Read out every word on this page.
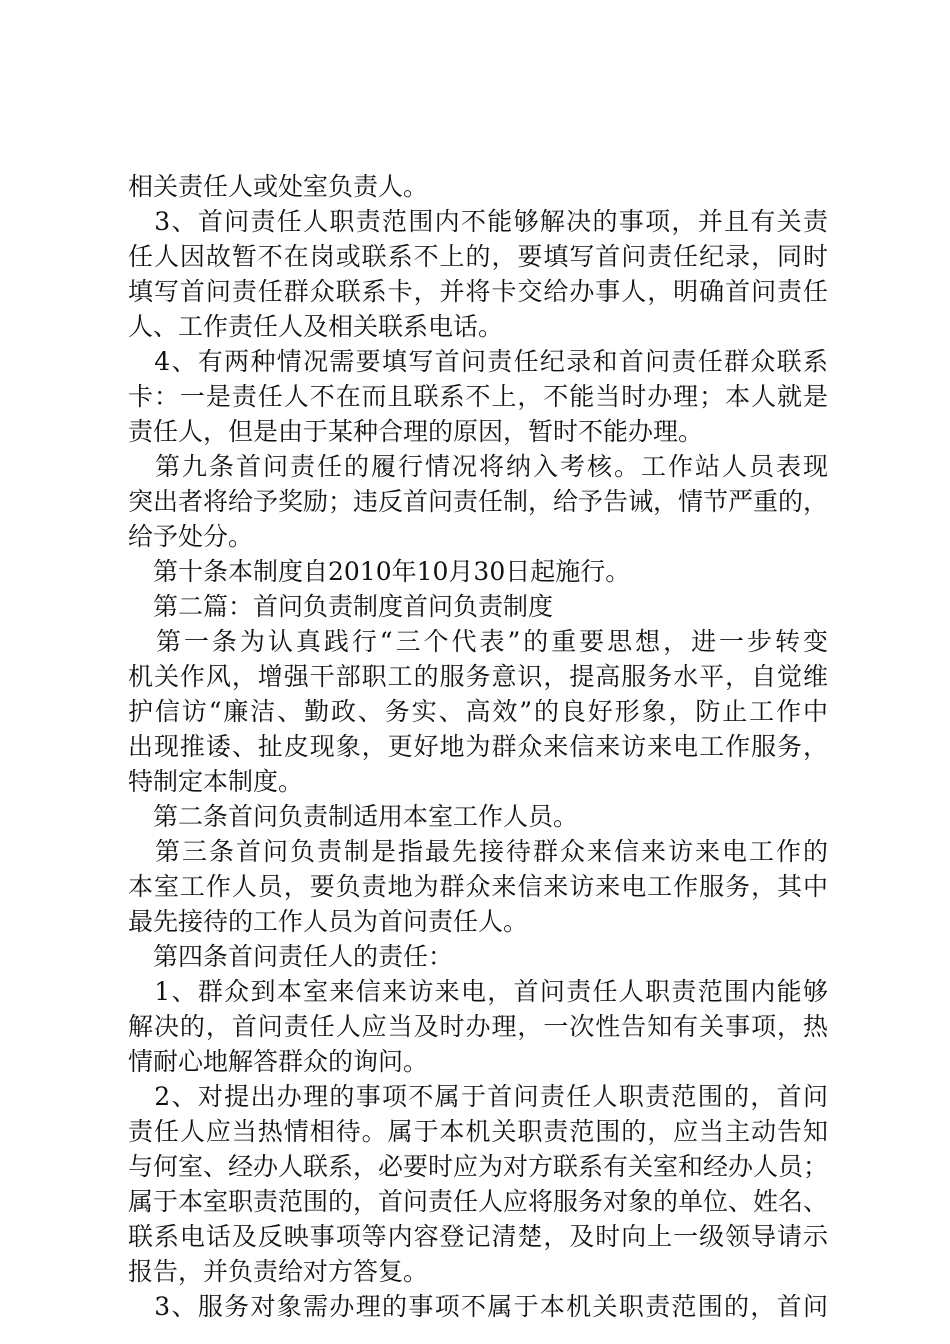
相关责任人或处室负责人。
　3、首问责任人职责范围内不能够解决的事项，并且有关责
任人因故暂不在岗或联系不上的，要填写首问责任纪录，同时
填写首问责任群众联系卡，并将卡交给办事人，明确首问责任
人、工作责任人及相关联系电话。
　4、有两种情况需要填写首问责任纪录和首问责任群众联系
卡：一是责任人不在而且联系不上，不能当时办理；本人就是
责任人，但是由于某种合理的原因，暂时不能办理。
　第九条首问责任的履行情况将纳入考核。工作站人员表现
突出者将给予奖励；违反首问责任制，给予告诫，情节严重的，
给予处分。
　第十条本制度自2010年10月30日起施行。
　第二篇：首问负责制度首问负责制度
　第一条为认真践行“三个代表”的重要思想，进一步转变
机关作风，增强干部职工的服务意识，提高服务水平，自觉维
护信访“廉洁、勤政、务实、高效”的良好形象，防止工作中
出现推诿、扯皮现象，更好地为群众来信来访来电工作服务，
特制定本制度。
　第二条首问负责制适用本室工作人员。
　第三条首问负责制是指最先接待群众来信来访来电工作的
本室工作人员，要负责地为群众来信来访来电工作服务，其中
最先接待的工作人员为首问责任人。
　第四条首问责任人的责任：
　1、群众到本室来信来访来电，首问责任人职责范围内能够
解决的，首问责任人应当及时办理，一次性告知有关事项，热
情耐心地解答群众的询问。
　2、对提出办理的事项不属于首问责任人职责范围的，首问
责任人应当热情相待。属于本机关职责范围的，应当主动告知
与何室、经办人联系，必要时应为对方联系有关室和经办人员；
属于本室职责范围的，首问责任人应将服务对象的单位、姓名、
联系电话及反映事项等内容登记清楚，及时向上一级领导请示
报告，并负责给对方答复。
　3、服务对象需办理的事项不属于本机关职责范围的，首问
